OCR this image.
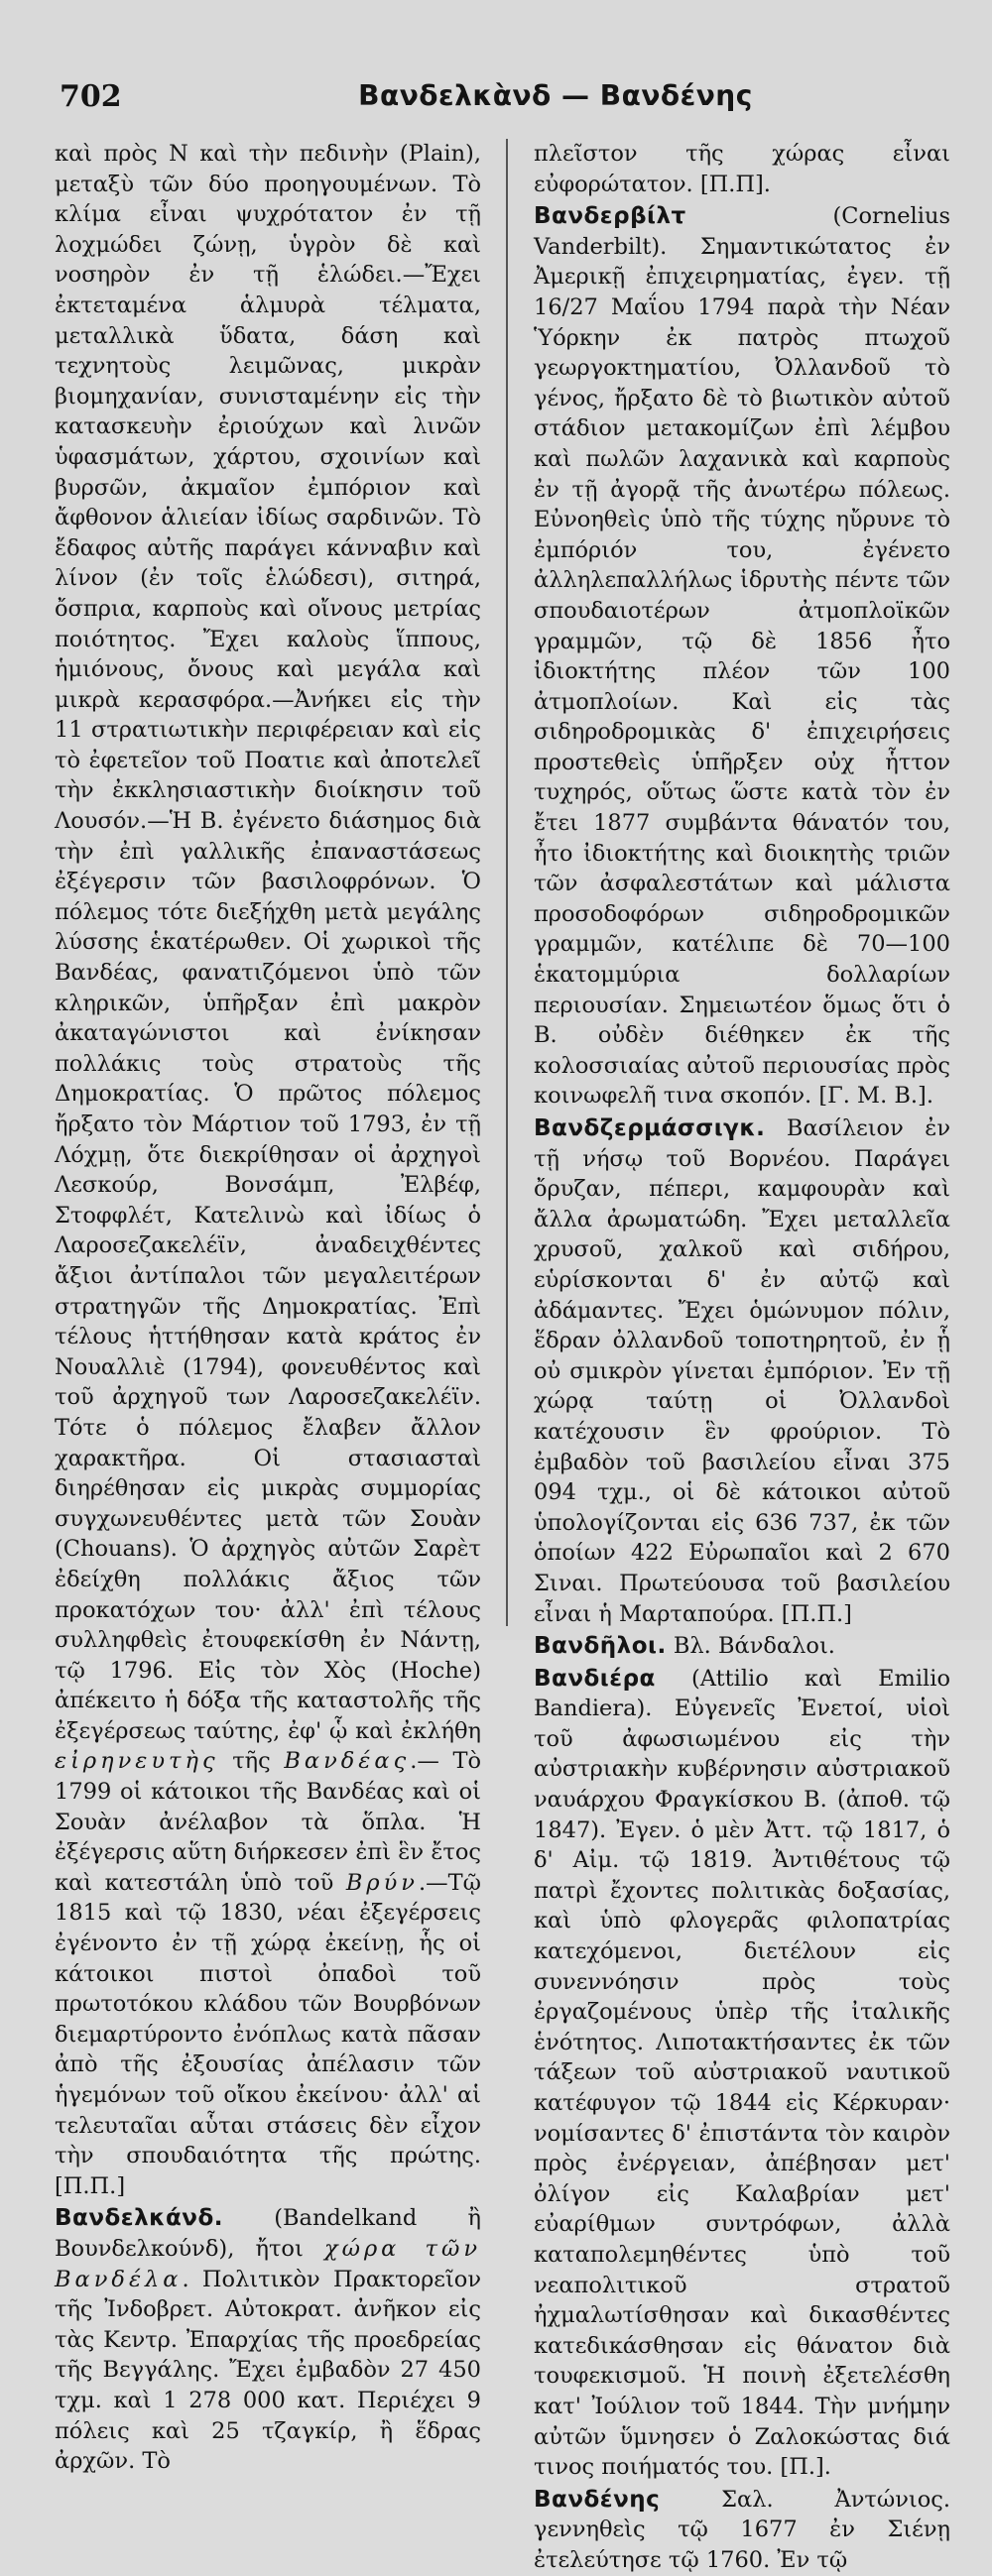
702	Βανδελκὰνδ — Βανδένης

καὶ πρὸς Ν καὶ τὴν πεδινὴν (Plain), μεταξὺ τῶν δύο προηγουμένων. Τὸ κλίμα εἶναι ψυχρότατον ἐν τῇ λοχμώδει ζώνῃ, ὑγρὸν δὲ καὶ νοσηρὸν ἐν τῇ ἑλώδει.—Ἔχει ἐκτεταμένα ἁλμυρὰ τέλματα, μεταλλικὰ ὕδατα, δάση καὶ τεχνητοὺς λειμῶνας, μικρὰν βιομηχανίαν, συνισταμένην εἰς τὴν κατασκευὴν ἐριούχων καὶ λινῶν ὑφασμάτων, χάρτου, σχοινίων καὶ βυρσῶν, ἀκμαῖον ἐμπόριον καὶ ἄφθονον ἁλιείαν ἰδίως σαρδινῶν. Τὸ ἔδαφος αὐτῆς παράγει κάνναβιν καὶ λίνον (ἐν τοῖς ἑλώδεσι), σιτηρά, ὄσπρια, καρποὺς καὶ οἴνους μετρίας ποιότητος. Ἔχει καλοὺς ἵππους, ἡμιόνους, ὄνους καὶ μεγάλα καὶ μικρὰ κερασφόρα.—Ἀνήκει εἰς τὴν 11 στρατιωτικὴν περιφέρειαν καὶ εἰς τὸ ἐφετεῖον τοῦ Ποατιε καὶ ἀποτελεῖ τὴν ἐκκλησιαστικὴν διοίκησιν τοῦ Λουσόν.—Ἡ Β. ἐγένετο διάσημος διὰ τὴν ἐπὶ γαλλικῆς ἐπαναστάσεως ἐξέγερσιν τῶν βασιλοφρόνων. Ὁ πόλεμος τότε διεξήχθη μετὰ μεγάλης λύσσης ἑκατέρωθεν. Οἱ χωρικοὶ τῆς Βανδέας, φανατιζόμενοι ὑπὸ τῶν κληρικῶν, ὑπῆρξαν ἐπὶ μακρὸν ἀκαταγώνιστοι καὶ ἐνίκησαν πολλάκις τοὺς στρατοὺς τῆς Δημοκρατίας. Ὁ πρῶτος πόλεμος ἤρξατο τὸν Μάρτιον τοῦ 1793, ἐν τῇ Λόχμῃ, ὅτε διεκρίθησαν οἱ ἀρχηγοὶ Λεσκούρ, Βονσάμπ, Ἐλβέφ, Στοφφλέτ, Κατελινὼ καὶ ἰδίως ὁ Λαροσεζακελέϊν, ἀναδειχθέντες ἄξιοι ἀντίπαλοι τῶν μεγαλειτέρων στρατηγῶν τῆς Δημοκρατίας. Ἐπὶ τέλους ἡττήθησαν κατὰ κράτος ἐν Νουαλλιὲ (1794), φονευθέντος καὶ τοῦ ἀρχηγοῦ των Λαροσεζακελέϊν. Τότε ὁ πόλεμος ἔλαβεν ἄλλον χαρακτῆρα. Οἱ στασιασταὶ διηρέθησαν εἰς μικρὰς συμμορίας συγχωνευθέντες μετὰ τῶν Σουὰν (Chouans). Ὁ ἀρχηγὸς αὐτῶν Σαρὲτ ἐδείχθη πολλάκις ἄξιος τῶν προκατόχων του· ἀλλ' ἐπὶ τέλους συλληφθεὶς ἐτουφεκίσθη ἐν Νάντῃ, τῷ 1796. Εἰς τὸν Χὸς (Hoche) ἀπέκειτο ἡ δόξα τῆς καταστολῆς τῆς ἐξεγέρσεως ταύτης, ἐφ' ᾧ καὶ ἐκλήθη εἰρηνευτὴς τῆς Βανδέας.— Τὸ 1799 οἱ κάτοικοι τῆς Βανδέας καὶ οἱ Σουὰν ἀνέλαβον τὰ ὅπλα. Ἡ ἐξέγερσις αὕτη διήρκεσεν ἐπὶ ἓν ἔτος καὶ κατεστάλη ὑπὸ τοῦ Βρύν.—Τῷ 1815 καὶ τῷ 1830, νέαι ἐξεγέρσεις ἐγένοντο ἐν τῇ χώρᾳ ἐκείνῃ, ἧς οἱ κάτοικοι πιστοὶ ὀπαδοὶ τοῦ πρωτοτόκου κλάδου τῶν Βουρβόνων διεμαρτύροντο ἐνόπλως κατὰ πᾶσαν ἀπὸ τῆς ἐξουσίας ἀπέλασιν τῶν ἡγεμόνων τοῦ οἴκου ἐκείνου· ἀλλ' αἱ τελευταῖαι αὗται στάσεις δὲν εἶχον τὴν σπουδαιότητα τῆς πρώτης. [Π.Π.]

Βανδελκάνδ. (Bandelkand ἢ Βουνδελκούνδ), ἤτοι χώρα τῶν Βανδέλα. Πολιτικὸν Πρακτορεῖον τῆς Ἰνδοβρετ. Αὐτοκρατ. ἀνῆκον εἰς τὰς Κεντρ. Ἐπαρχίας τῆς προεδρείας τῆς Βεγγάλης. Ἔχει ἐμβαδὸν 27 450 τχμ. καὶ 1 278 000 κατ. Περιέχει 9 πόλεις καὶ 25 τζαγκίρ, ἢ ἕδρας ἀρχῶν. Τὸ

πλεῖστον τῆς χώρας εἶναι εὐφορώτατον. [Π.Π].

Βανδερβίλτ	(Cornelius Vanderbilt). Σημαντικώτατος ἐν Ἀμερικῇ ἐπιχειρηματίας, ἐγεν. τῇ 16/27 Μαΐου 1794 παρὰ τὴν Νέαν Ὑόρκην ἐκ πατρὸς πτωχοῦ γεωργοκτηματίου, Ὀλλανδοῦ τὸ γένος, ἤρξατο δὲ τὸ βιωτικὸν αὐτοῦ στάδιον μετακομίζων ἐπὶ λέμβου καὶ πωλῶν λαχανικὰ καὶ καρποὺς ἐν τῇ ἀγορᾷ τῆς ἀνωτέρω πόλεως. Εὐνοηθεὶς ὑπὸ τῆς τύχης ηὔρυνε τὸ ἐμπόριόν του, ἐγένετο ἀλληλεπαλλήλως ἱδρυτὴς πέντε τῶν σπουδαιοτέρων ἀτμοπλοϊκῶν γραμμῶν, τῷ δὲ 1856 ἦτο ἰδιοκτήτης πλέον τῶν 100 ἀτμοπλοίων. Καὶ εἰς τὰς σιδηροδρομικὰς δ' ἐπιχειρήσεις προστεθεὶς ὑπῆρξεν οὐχ ἧττον τυχηρός, οὕτως ὥστε κατὰ τὸν ἐν ἔτει 1877 συμβάντα θάνατόν του, ἦτο ἰδιοκτήτης καὶ διοικητὴς τριῶν τῶν ἀσφαλεστάτων καὶ μάλιστα προσοδοφόρων σιδηροδρομικῶν γραμμῶν, κατέλιπε δὲ 70—100 ἑκατομμύρια δολλαρίων περιουσίαν. Σημειωτέον ὅμως ὅτι ὁ Β. οὐδὲν διέθηκεν ἐκ τῆς κολοσσιαίας αὐτοῦ περιουσίας πρὸς κοινωφελῆ τινα σκοπόν. [Γ. Μ. Β.].

Βανδζερμάσσιγκ. Βασίλειον ἐν τῇ νήσῳ τοῦ Βορνέου. Παράγει ὄρυζαν, πέπερι, καμφουρὰν καὶ ἄλλα ἀρωματώδη. Ἔχει μεταλλεῖα χρυσοῦ, χαλκοῦ καὶ σιδήρου, εὑρίσκονται δ' ἐν αὐτῷ καὶ ἀδάμαντες. Ἔχει ὁμώνυμον πόλιν, ἕδραν ὀλλανδοῦ τοποτηρητοῦ, ἐν ᾗ οὐ σμικρὸν γίνεται ἐμπόριον. Ἐν τῇ χώρᾳ ταύτῃ οἱ Ὀλλανδοὶ κατέχουσιν ἓν φρούριον. Τὸ ἐμβαδὸν τοῦ βασιλείου εἶναι 375 094 τχμ., οἱ δὲ κάτοικοι αὐτοῦ ὑπολογίζονται εἰς 636 737, ἐκ τῶν ὁποίων 422 Εὐρωπαῖοι καὶ 2 670 Σιναι. Πρωτεύουσα τοῦ βασιλείου εἶναι ἡ Μαρταπούρα. [Π.Π.]

Βανδῆλοι. Βλ. Βάνδαλοι.

Βανδιέρα (Attilio καὶ Emilio Bandiera). Εὐγενεῖς Ἐνετοί, υἱοὶ τοῦ ἀφωσιωμένου εἰς τὴν αὐστριακὴν κυβέρνησιν αὐστριακοῦ ναυάρχου Φραγκίσκου Β. (ἀποθ. τῷ 1847). Ἐγεν. ὁ μὲν Ἀττ. τῷ 1817, ὁ δ' Αἰμ. τῷ 1819. Ἀντιθέτους τῷ πατρὶ ἔχοντες πολιτικὰς δοξασίας, καὶ ὑπὸ φλογερᾶς φιλοπατρίας κατεχόμενοι, διετέλουν εἰς συνεννόησιν πρὸς τοὺς ἐργαζομένους ὑπὲρ τῆς ἰταλικῆς ἑνότητος. Λιποτακτήσαντες ἐκ τῶν τάξεων τοῦ αὐστριακοῦ ναυτικοῦ κατέφυγον τῷ 1844 εἰς Κέρκυραν· νομίσαντες δ' ἐπιστάντα τὸν καιρὸν πρὸς ἐνέργειαν, ἀπέβησαν μετ' ὀλίγον εἰς Καλαβρίαν μετ' εὐαρίθμων συντρόφων, ἀλλὰ καταπολεμηθέντες ὑπὸ τοῦ νεαπολιτικοῦ στρατοῦ ἠχμαλωτίσθησαν καὶ δικασθέντες κατεδικάσθησαν εἰς θάνατον διὰ τουφεκισμοῦ. Ἡ ποινὴ ἐξετελέσθη κατ' Ἰούλιον τοῦ 1844. Τὴν μνήμην αὐτῶν ὕμνησεν ὁ Ζαλοκώστας διά τινος ποιήματός του. [Π.].

Βανδένης	Σαλ. Ἀντώνιος. γεννηθεὶς τῷ 1677 ἐν Σιένῃ ἐτελεύτησε τῷ 1760. Ἐν τῷ
